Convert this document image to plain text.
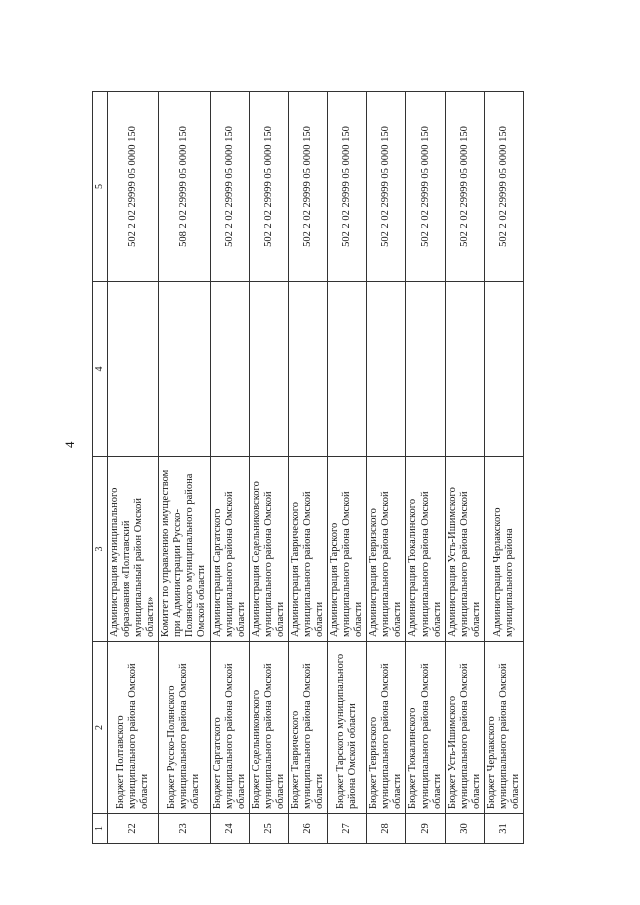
4
1	2	3	4	5
22	Бюджет Полтавского муниципального района Омской области	Администрация муниципального образования «Полтавский муниципальный район Омской области»		502 2 02 29999 05 0000 150
23	Бюджет Русско-Полянского муниципального района Омской области	Комитет по управлению имуществом при Администрации Русско-Полянского муниципального района Омской области		508 2 02 29999 05 0000 150
24	Бюджет Саргатского муниципального района Омской области	Администрация Саргатского муниципального района Омской области		502 2 02 29999 05 0000 150
25	Бюджет Седельниковского муниципального района Омской области	Администрация Седельниковского муниципального района Омской области		502 2 02 29999 05 0000 150
26	Бюджет Таврического муниципального района Омской области	Администрация Таврического муниципального района Омской области		502 2 02 29999 05 0000 150
27	Бюджет Тарского муниципального района Омской области	Администрация Тарского муниципального района Омской области		502 2 02 29999 05 0000 150
28	Бюджет Тевризского муниципального района Омской области	Администрация Тевризского муниципального района Омской области		502 2 02 29999 05 0000 150
29	Бюджет Тюкалинского муниципального района Омской области	Администрация Тюкалинского муниципального района Омской области		502 2 02 29999 05 0000 150
30	Бюджет Усть-Ишимского муниципального района Омской области	Администрация Усть-Ишимского муниципального района Омской области		502 2 02 29999 05 0000 150
31	Бюджет Черлакского муниципального района Омской области	Администрация Черлакского муниципального района		502 2 02 29999 05 0000 150
